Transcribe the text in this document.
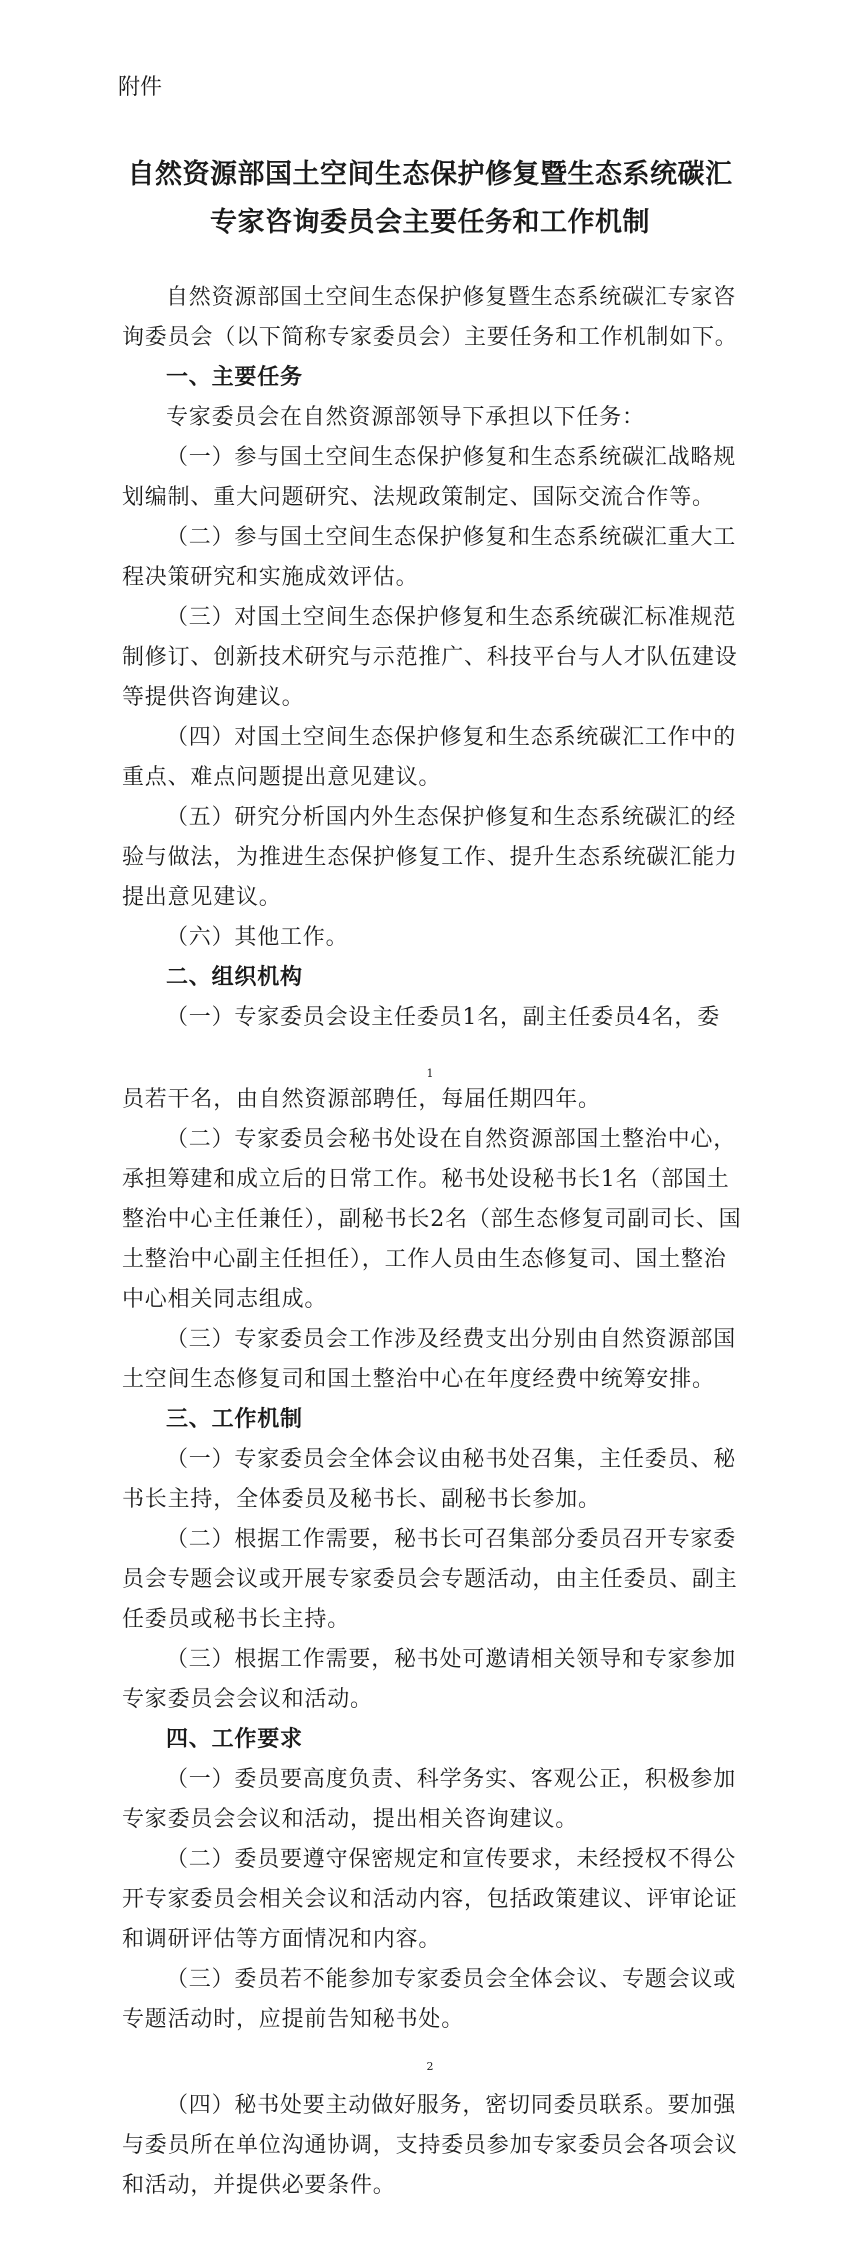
附件
自然资源部国土空间生态保护修复暨生态系统碳汇
专家咨询委员会主要任务和工作机制

自然资源部国土空间生态保护修复暨生态系统碳汇专家咨询委员会（以下简称专家委员会）主要任务和工作机制如下。

一、主要任务

专家委员会在自然资源部领导下承担以下任务：

（一）参与国土空间生态保护修复和生态系统碳汇战略规划编制、重大问题研究、法规政策制定、国际交流合作等。

（二）参与国土空间生态保护修复和生态系统碳汇重大工程决策研究和实施成效评估。

（三）对国土空间生态保护修复和生态系统碳汇标准规范制修订、创新技术研究与示范推广、科技平台与人才队伍建设等提供咨询建议。

（四）对国土空间生态保护修复和生态系统碳汇工作中的重点、难点问题提出意见建议。

（五）研究分析国内外生态保护修复和生态系统碳汇的经验与做法，为推进生态保护修复工作、提升生态系统碳汇能力提出意见建议。

（六）其他工作。

二、组织机构

（一）专家委员会设主任委员1名，副主任委员4名，委

1

员若干名，由自然资源部聘任，每届任期四年。

（二）专家委员会秘书处设在自然资源部国土整治中心，承担筹建和成立后的日常工作。秘书处设秘书长1名（部国土整治中心主任兼任），副秘书长2名（部生态修复司副司长、国土整治中心副主任担任），工作人员由生态修复司、国土整治中心相关同志组成。

（三）专家委员会工作涉及经费支出分别由自然资源部国土空间生态修复司和国土整治中心在年度经费中统筹安排。

三、工作机制

（一）专家委员会全体会议由秘书处召集，主任委员、秘书长主持，全体委员及秘书长、副秘书长参加。

（二）根据工作需要，秘书长可召集部分委员召开专家委员会专题会议或开展专家委员会专题活动，由主任委员、副主任委员或秘书长主持。

（三）根据工作需要，秘书处可邀请相关领导和专家参加专家委员会会议和活动。

四、工作要求

（一）委员要高度负责、科学务实、客观公正，积极参加专家委员会会议和活动，提出相关咨询建议。

（二）委员要遵守保密规定和宣传要求，未经授权不得公开专家委员会相关会议和活动内容，包括政策建议、评审论证和调研评估等方面情况和内容。

（三）委员若不能参加专家委员会全体会议、专题会议或专题活动时，应提前告知秘书处。

2

（四）秘书处要主动做好服务，密切同委员联系。要加强与委员所在单位沟通协调，支持委员参加专家委员会各项会议和活动，并提供必要条件。
